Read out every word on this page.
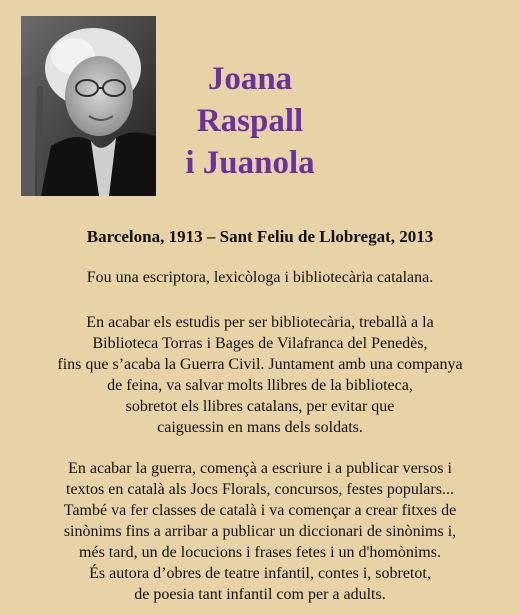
Joana
Raspall
i Juanola
Barcelona, 1913 – Sant Feliu de Llobregat, 2013
Fou una escriptora, lexicòloga i bibliotecària catalana.
En acabar els estudis per ser bibliotecària, treballà a la
Biblioteca Torras i Bages de Vilafranca del Penedès,
fins que s’acaba la Guerra Civil. Juntament amb una companya
de feina, va salvar molts llibres de la biblioteca,
sobretot els llibres catalans, per evitar que
caiguessin en mans dels soldats.
En acabar la guerra, començà a escriure i a publicar versos i
textos en català als Jocs Florals, concursos, festes populars...
També va fer classes de català i va començar a crear fitxes de
sinònims fins a arribar a publicar un diccionari de sinònims i,
més tard, un de locucions i frases fetes i un d'homònims.
És autora d’obres de teatre infantil, contes i, sobretot,
de poesia tant infantil com per a adults.
